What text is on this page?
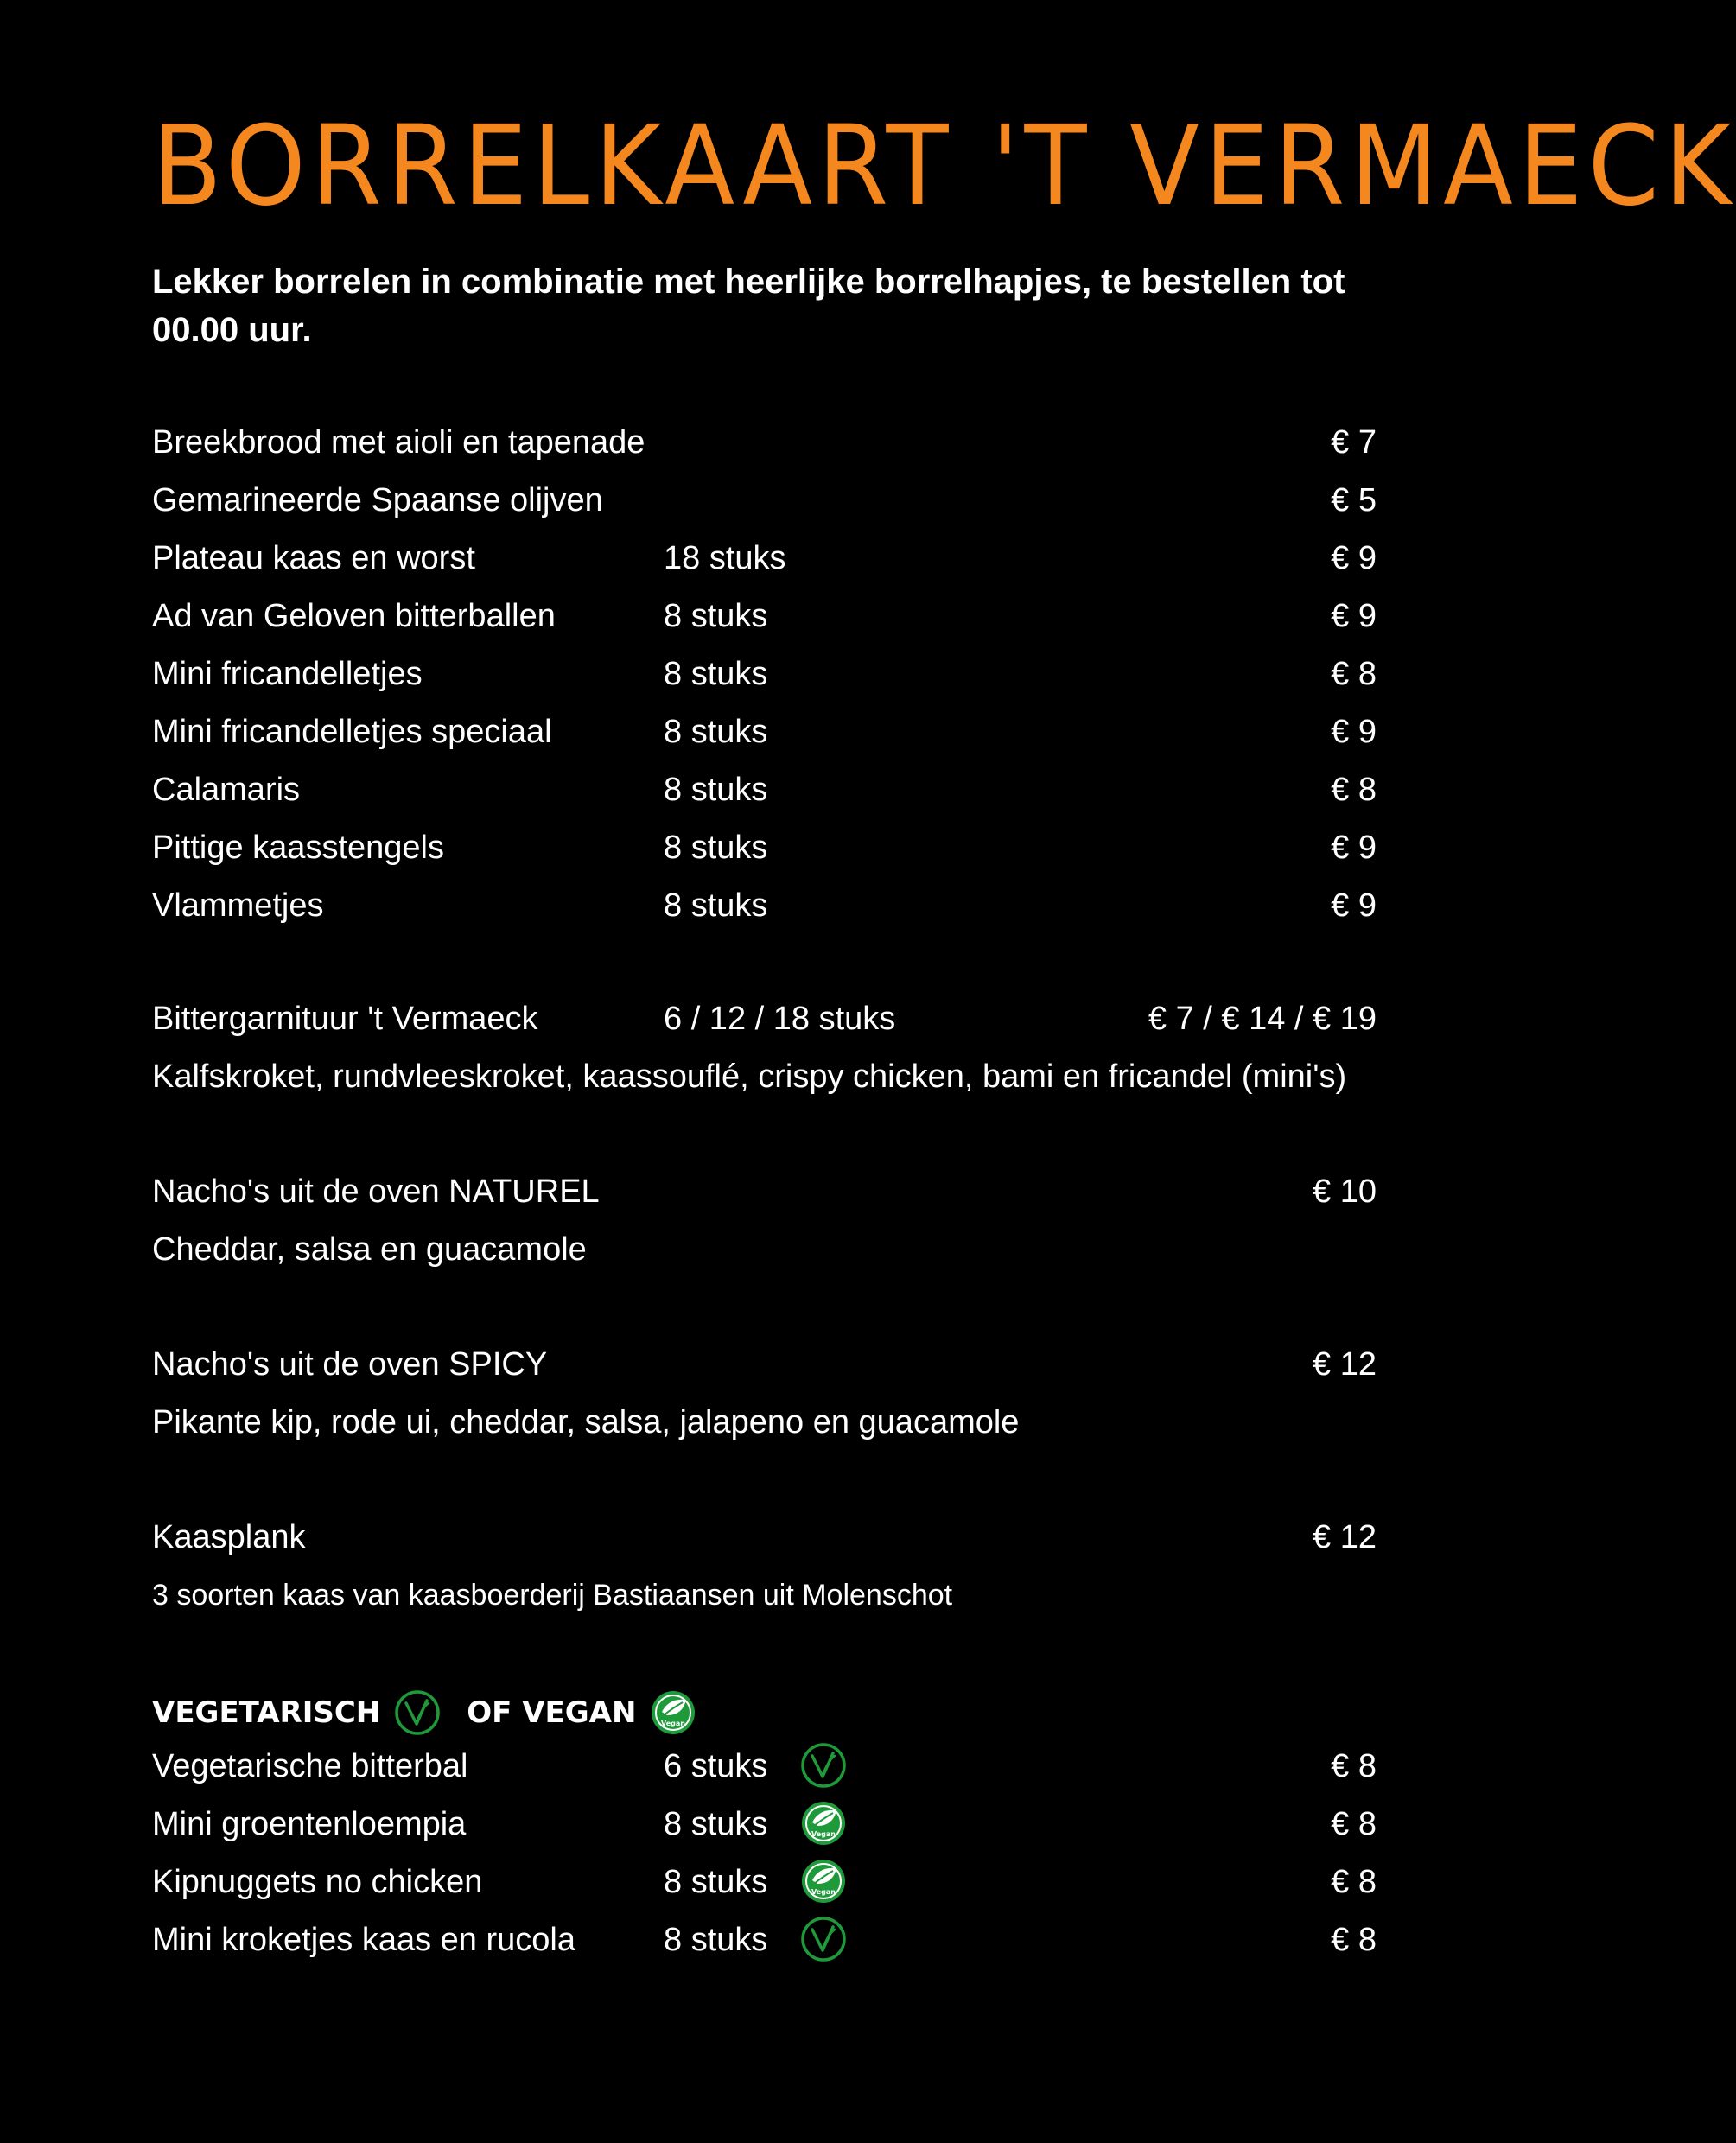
BORRELKAART 'T VERMAECK
Lekker borrelen in combinatie met heerlijke borrelhapjes, te bestellen tot 00.00 uur.
Breekbrood met aioli en tapenade	€ 7
Gemarineerde Spaanse olijven	€ 5
Plateau kaas en worst	18 stuks	€ 9
Ad van Geloven bitterballen	8 stuks	€ 9
Mini fricandelletjes	8 stuks	€ 8
Mini fricandelletjes speciaal	8 stuks	€ 9
Calamaris	8 stuks	€ 8
Pittige kaasstengels	8 stuks	€ 9
Vlammetjes	8 stuks	€ 9
Bittergarnituur 't Vermaeck	6 / 12 / 18 stuks	€ 7 / € 14 / € 19
Kalfskroket, rundvleeskroket, kaassouflé, crispy chicken, bami en fricandel (mini's)
Nacho's uit de oven NATUREL	€ 10
Cheddar, salsa en guacamole
Nacho's uit de oven SPICY	€ 12
Pikante kip, rode ui, cheddar, salsa, jalapeno en guacamole
Kaasplank	€ 12
3 soorten kaas van kaasboerderij Bastiaansen uit Molenschot
VEGETARISCH	OF VEGAN	Vegan
Vegetarische bitterbal	6 stuks	€ 8
Mini groentenloempia	8 stuks	Vegan	€ 8
Kipnuggets no chicken	8 stuks	Vegan	€ 8
Mini kroketjes kaas en rucola	8 stuks	€ 8
